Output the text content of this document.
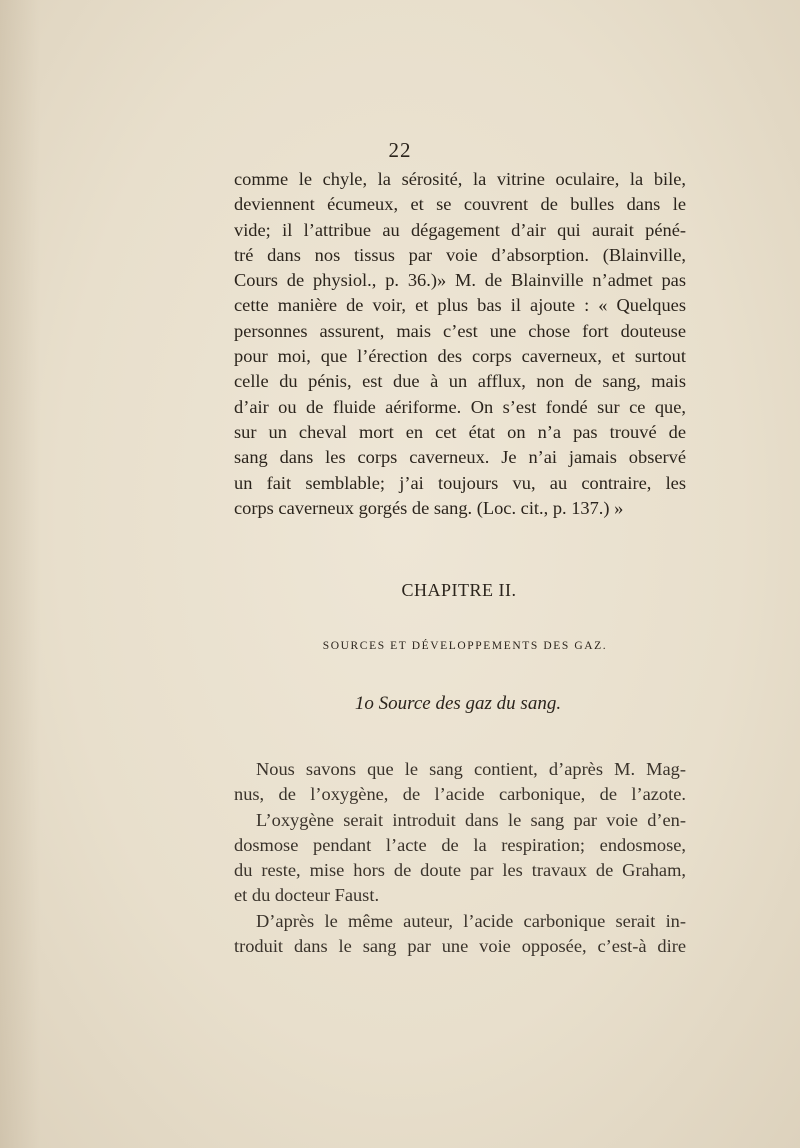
22
comme le chyle, la sérosité, la vitrine oculaire, la bile,
deviennent écumeux, et se couvrent de bulles dans le
vide; il l’attribue au dégagement d’air qui aurait péné-
tré dans nos tissus par voie d’absorption. (Blainville,
Cours de physiol., p. 36.)» M. de Blainville n’admet pas
cette manière de voir, et plus bas il ajoute : « Quelques
personnes assurent, mais c’est une chose fort douteuse
pour moi, que l’érection des corps caverneux, et surtout
celle du pénis, est due à un afflux, non de sang, mais
d’air ou de fluide aériforme. On s’est fondé sur ce que,
sur un cheval mort en cet état on n’a pas trouvé de
sang dans les corps caverneux. Je n’ai jamais observé
un fait semblable; j’ai toujours vu, au contraire, les
corps caverneux gorgés de sang. (Loc. cit., p. 137.) »
CHAPITRE II.
SOURCES ET DÉVELOPPEMENTS DES GAZ.
1o Source des gaz du sang.
Nous savons que le sang contient, d’après M. Mag-
nus, de l’oxygène, de l’acide carbonique, de l’azote.
L’oxygène serait introduit dans le sang par voie d’en-
dosmose pendant l’acte de la respiration; endosmose,
du reste, mise hors de doute par les travaux de Graham,
et du docteur Faust.
D’après le même auteur, l’acide carbonique serait in-
troduit dans le sang par une voie opposée, c’est-à dire
